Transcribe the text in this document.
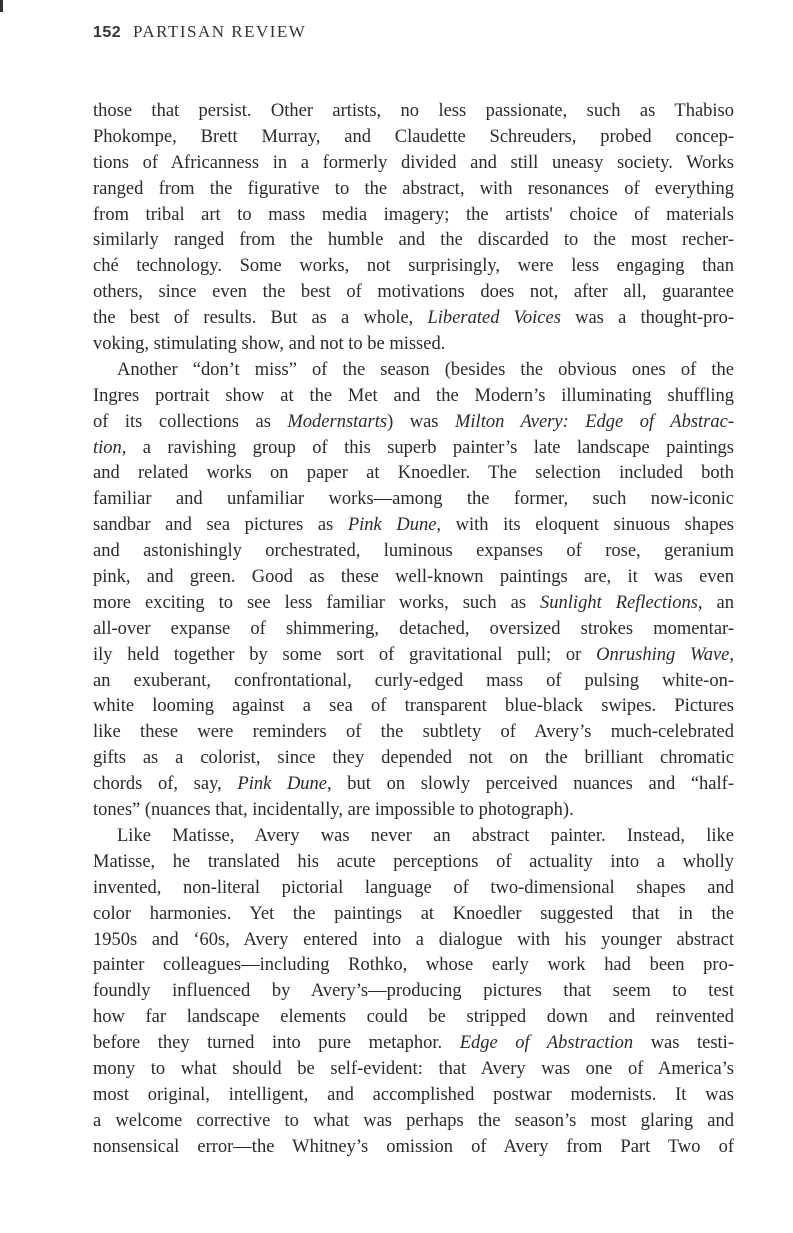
152 PARTISAN REVIEW
those that persist. Other artists, no less passionate, such as Thabiso
Phokompe, Brett Murray, and Claudette Schreuders, probed concep-
tions of Africanness in a formerly divided and still uneasy society. Works
ranged from the figurative to the abstract, with resonances of everything
from tribal art to mass media imagery; the artists' choice of materials
similarly ranged from the humble and the discarded to the most recher-
ché technology. Some works, not surprisingly, were less engaging than
others, since even the best of motivations does not, after all, guarantee
the best of results. But as a whole, Liberated Voices was a thought-pro-
voking, stimulating show, and not to be missed.
Another “don’t miss” of the season (besides the obvious ones of the
Ingres portrait show at the Met and the Modern’s illuminating shuffling
of its collections as Modernstarts) was Milton Avery: Edge of Abstrac-
tion, a ravishing group of this superb painter’s late landscape paintings
and related works on paper at Knoedler. The selection included both
familiar and unfamiliar works—among the former, such now-iconic
sandbar and sea pictures as Pink Dune, with its eloquent sinuous shapes
and astonishingly orchestrated, luminous expanses of rose, geranium
pink, and green. Good as these well-known paintings are, it was even
more exciting to see less familiar works, such as Sunlight Reflections, an
all-over expanse of shimmering, detached, oversized strokes momentar-
ily held together by some sort of gravitational pull; or Onrushing Wave,
an exuberant, confrontational, curly-edged mass of pulsing white-on-
white looming against a sea of transparent blue-black swipes. Pictures
like these were reminders of the subtlety of Avery’s much-celebrated
gifts as a colorist, since they depended not on the brilliant chromatic
chords of, say, Pink Dune, but on slowly perceived nuances and “half-
tones” (nuances that, incidentally, are impossible to photograph).
Like Matisse, Avery was never an abstract painter. Instead, like
Matisse, he translated his acute perceptions of actuality into a wholly
invented, non-literal pictorial language of two-dimensional shapes and
color harmonies. Yet the paintings at Knoedler suggested that in the
1950s and ‘60s, Avery entered into a dialogue with his younger abstract
painter colleagues—including Rothko, whose early work had been pro-
foundly influenced by Avery’s—producing pictures that seem to test
how far landscape elements could be stripped down and reinvented
before they turned into pure metaphor. Edge of Abstraction was testi-
mony to what should be self-evident: that Avery was one of America’s
most original, intelligent, and accomplished postwar modernists. It was
a welcome corrective to what was perhaps the season’s most glaring and
nonsensical error—the Whitney’s omission of Avery from Part Two of
